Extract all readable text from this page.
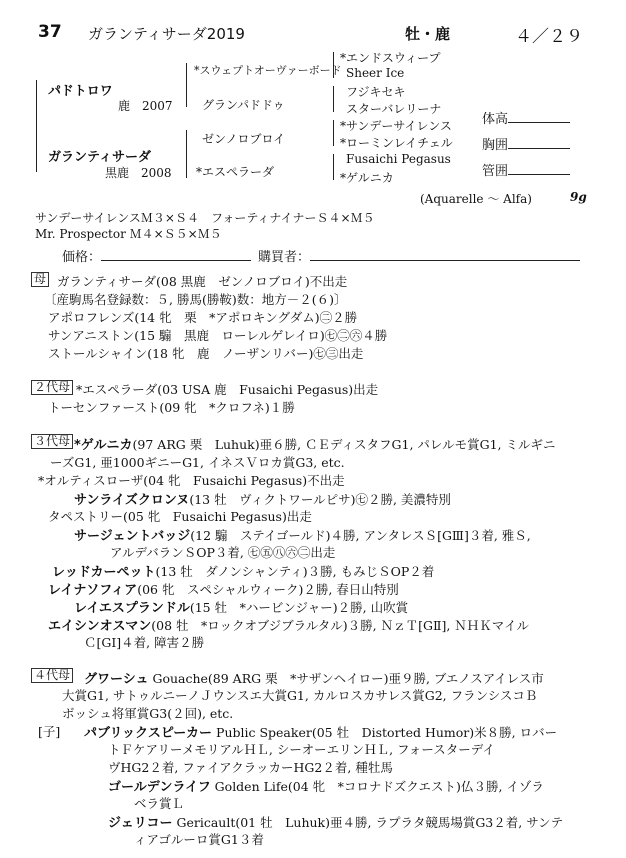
37 ガランティサーダ2019	牡・鹿	４／２９
パドトロワ
鹿　2007
ガランティサーダ
黒鹿　2008
*スウェプトオーヴァーボード
グランパドドゥ
ゼンノロブロイ
*エスペラーダ
*エンドスウィープ
Sheer Ice
フジキセキ
スターバレリーナ
*サンデーサイレンス
*ローミンレイチェル
Fusaichi Pegasus
*ゲルニカ
体高
胸囲
管囲
(Aquarelle ～ Alfa)	9g
サンデーサイレンスＭ３×Ｓ４　フォーティナイナーＳ４×Ｍ５
Mr. Prospector Ｍ４×Ｓ５×Ｍ５
価格：	購買者：
母 ガランティサーダ(08 黒鹿　ゼンノロブロイ)不出走
〔産駒馬名登録数：５, 勝馬(勝鞍)数：地方－２(６)〕
アポロフレンズ(14 牝　栗　*アポロキングダム)㊁２勝
サンアニストン(15 騸　黒鹿　ローレルゲレイロ)㊆㊁㊅４勝
ストールシャイン(18 牝　鹿　ノーザンリバー)㊆㊂出走
２代母 *エスペラーダ(03 USA 鹿　Fusaichi Pegasus)出走
トーセンファースト(09 牝　*クロフネ)１勝
３代母 *ゲルニカ(97 ARG 栗　Luhuk)亜６勝, ＣＥディスタフG1, パレルモ賞G1, ミルギニ
ーズG1, 亜1000ギニーG1, イネスＶロカ賞G3, etc.
*オルティスローザ(04 牝　Fusaichi Pegasus)不出走
サンライズクロンヌ(13 牡　ヴィクトワールピサ)㊆２勝, 美濃特別
タペストリー(05 牝　Fusaichi Pegasus)出走
サージェントバッジ(12 騸　ステイゴールド)４勝, アンタレスＳ[GⅢ]３着, 雅Ｓ,
アルデバランＳOP３着, ㊆㊄㊇㊅㊁出走
レッドカーペット(13 牡　ダノンシャンティ)３勝, もみじＳOP２着
レイナソフィア(06 牝　スペシャルウィーク)２勝, 春日山特別
レイエスプランドル(15 牡　*ハービンジャー)２勝, 山吹賞
エイシンオスマン(08 牡　*ロックオブジブラルタル)３勝, ＮｚＴ[GⅡ], ＮＨＫマイル
Ｃ[GⅠ]４着, 障害２勝
４代母
[子]
グワーシュ Gouache(89 ARG 栗　*サザンヘイロー)亜９勝, ブエノスアイレス市
大賞G1, サトゥルニーノＪウンスエ大賞G1, カルロスカサレス賞G2, フランシスコＢ
ボッシュ将軍賞G3(２回), etc.
パブリックスピーカー Public Speaker(05 牡　Distorted Humor)米８勝, ロバー
トＦケアリーメモリアルＨＬ, シーオーエリンＨＬ, フォースターデイ
ヴHG2２着, ファイアクラッカーHG2２着, 種牡馬
ゴールデンライフ Golden Life(04 牝　*コロナドズクエスト)仏３勝, イゾラ
ベラ賞Ｌ
ジェリコー Gericault(01 牡　Luhuk)亜４勝, ラプラタ競馬場賞G3２着, サンテ
ィアゴルーロ賞G1３着
